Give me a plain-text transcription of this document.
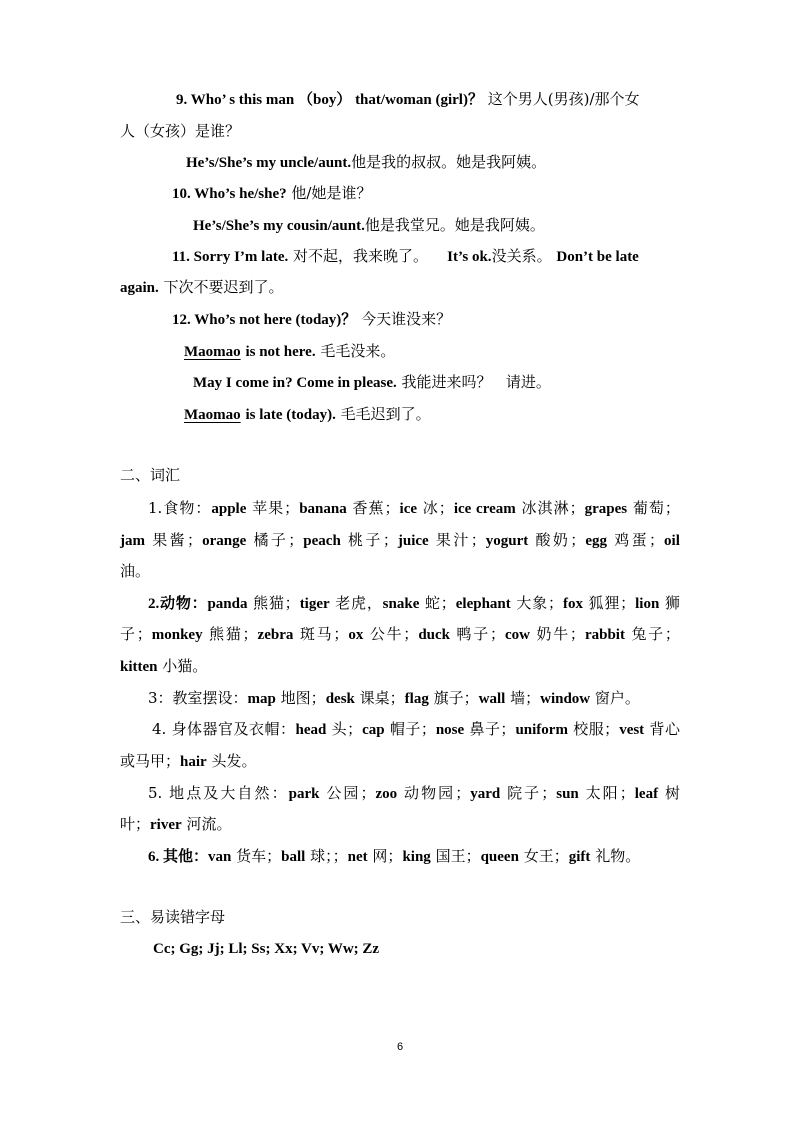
9. Who’ s this man （boy） that/woman (girl)？ 这个男人(男孩)/那个女
人（女孩）是谁？
He’s/She’s my uncle/aunt.他是我的叔叔。她是我阿姨。
10. Who’s he/she? 他/她是谁？
He’s/She’s my cousin/aunt.他是我堂兄。她是我阿姨。
11. Sorry I’m late. 对不起，我来晚了。 It’s ok.没关系。 Don’t be late
again. 下次不要迟到了。
12. Who’s not here (today)？ 今天谁没来？
Maomao is not here. 毛毛没来。
May I come in? Come in please. 我能进来吗？ 请进。
Maomao is late (today). 毛毛迟到了。
二、词汇
1.食物：apple 苹果；banana 香蕉；ice 冰；ice cream 冰淇淋；grapes 葡萄；
jam 果酱；orange 橘子；peach 桃子；juice 果汁；yogurt 酸奶；egg 鸡蛋；oil
油。
2.动物：panda 熊猫；tiger 老虎，snake 蛇；elephant 大象；fox 狐狸；lion 狮
子；monkey 熊猫；zebra 斑马；ox 公牛；duck 鸭子；cow 奶牛；rabbit 兔子；
kitten 小猫。
3：教室摆设：map 地图；desk 课桌；flag 旗子；wall 墙；window 窗户。
4. 身体器官及衣帽：head 头；cap 帽子；nose 鼻子；uniform 校服；vest 背心
或马甲；hair 头发。
5. 地点及大自然：park 公园；zoo 动物园；yard 院子；sun 太阳；leaf 树
叶；river 河流。
6. 其他：van 货车；ball 球；；net 网；king 国王；queen 女王；gift 礼物。
三、易读错字母
Cc; Gg; Jj; Ll; Ss; Xx; Vv; Ww; Zz
6
